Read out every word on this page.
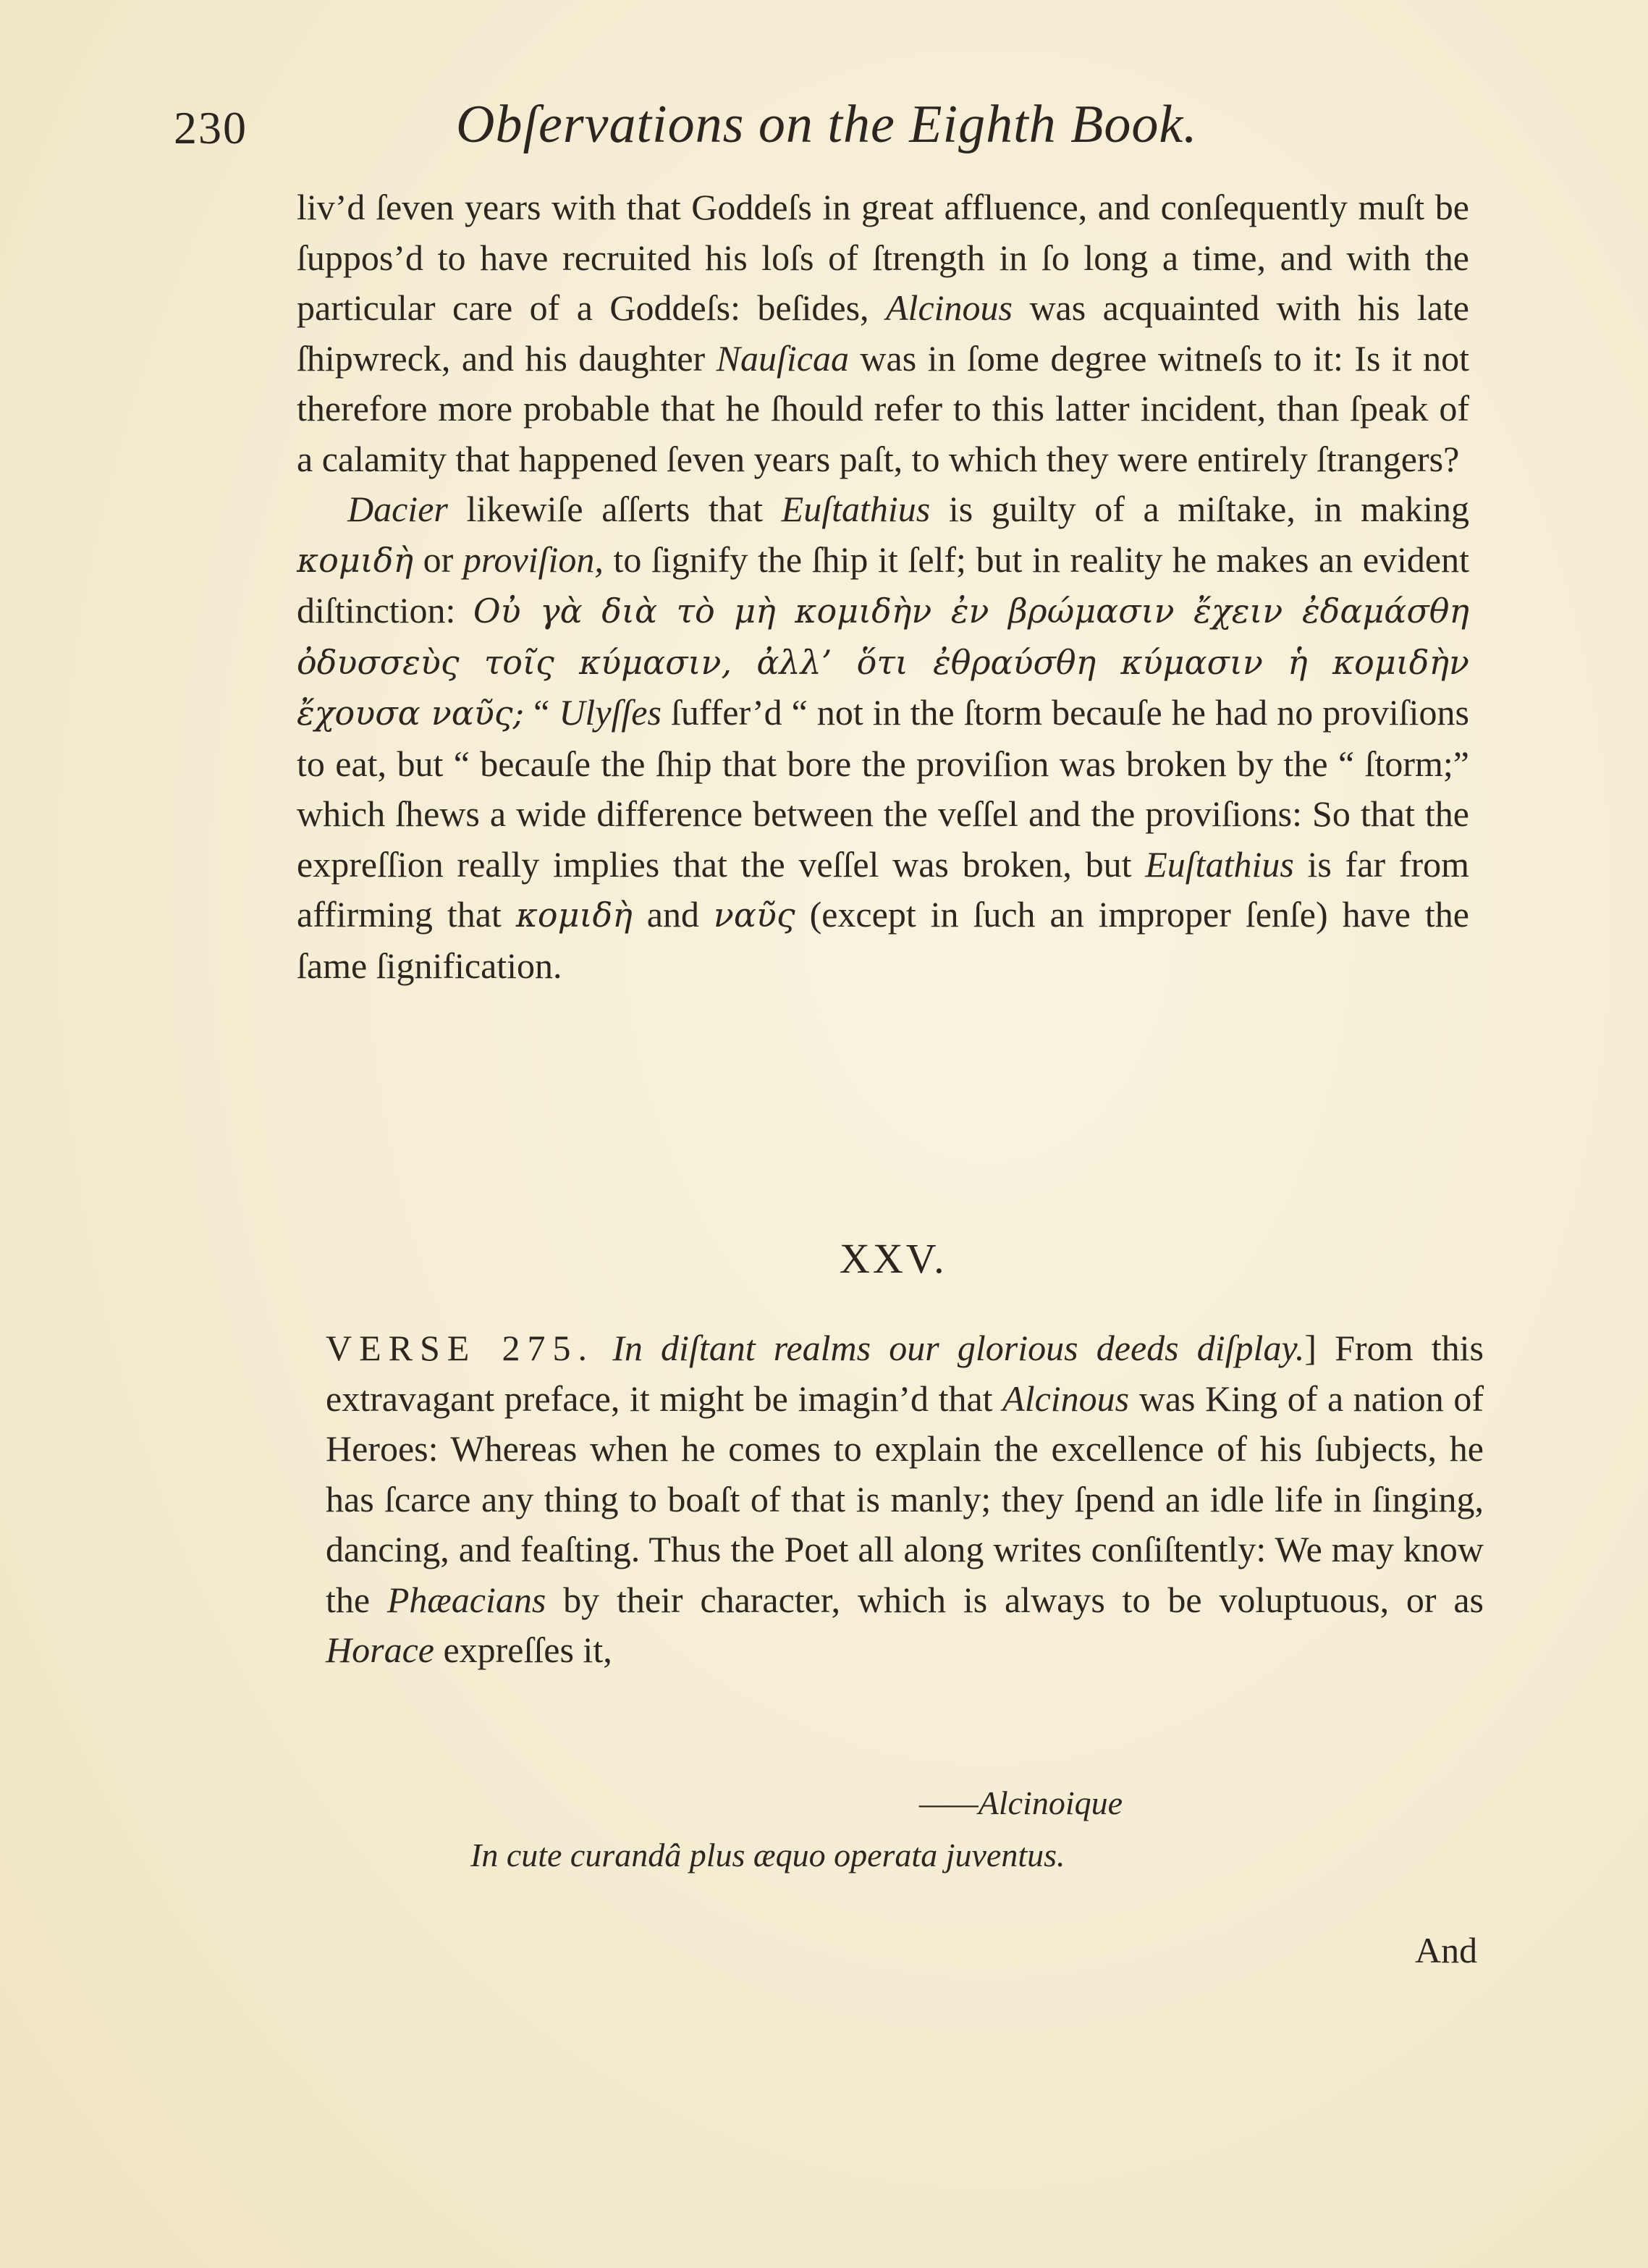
230	Obſervations on the Eighth Book.

liv’d ſeven years with that Goddeſs in great affluence, and conſequently muſt be ſuppos’d to have recruited his loſs of ſtrength in ſo long a time, and with the particular care of a Goddeſs: beſides, Alcinous was acquainted with his late ſhipwreck, and his daughter Nauſicaa was in ſome degree witneſs to it: Is it not therefore more probable that he ſhould refer to this latter incident, than ſpeak of a calamity that happened ſeven years paſt, to which they were entirely ſtrangers?

Dacier likewiſe aſſerts that Euſtathius is guilty of a miſtake, in making κομιδὴ or proviſion, to ſignify the ſhip it ſelf; but in reality he makes an evident diſtinction: Οὐ γὰ διὰ τὸ μὴ κομιδὴν ἐν βρώμασιν ἔχειν ἐδαμάσθη ὀδυσσεὺς τοῖς κύμασιν, ἀλλ’ ὅτι ἐθραύσθη κύμασιν ἡ κομιδὴν ἔχουσα ναῦς; “ Ulyſſes ſuffer’d “ not in the ſtorm becauſe he had no proviſions to eat, but “ becauſe the ſhip that bore the proviſion was broken by the “ ſtorm;” which ſhews a wide difference between the veſſel and the proviſions: So that the expreſſion really implies that the veſſel was broken, but Euſtathius is far from affirming that κομιδὴ and ναῦς (except in ſuch an improper ſenſe) have the ſame ſignification.

XXV.

VERSE 275. In diſtant realms our glorious deeds diſplay.] From this extravagant preface, it might be imagin’d that Alcinous was King of a nation of Heroes: Whereas when he comes to explain the excellence of his ſubjects, he has ſcarce any thing to boaſt of that is manly; they ſpend an idle life in ſinging, dancing, and feaſting. Thus the Poet all along writes conſiſtently: We may know the Phæacians by their character, which is always to be voluptuous, or as Horace expreſſes it,

——Alcinoique
In cute curandâ plus æquo operata juventus.
And
